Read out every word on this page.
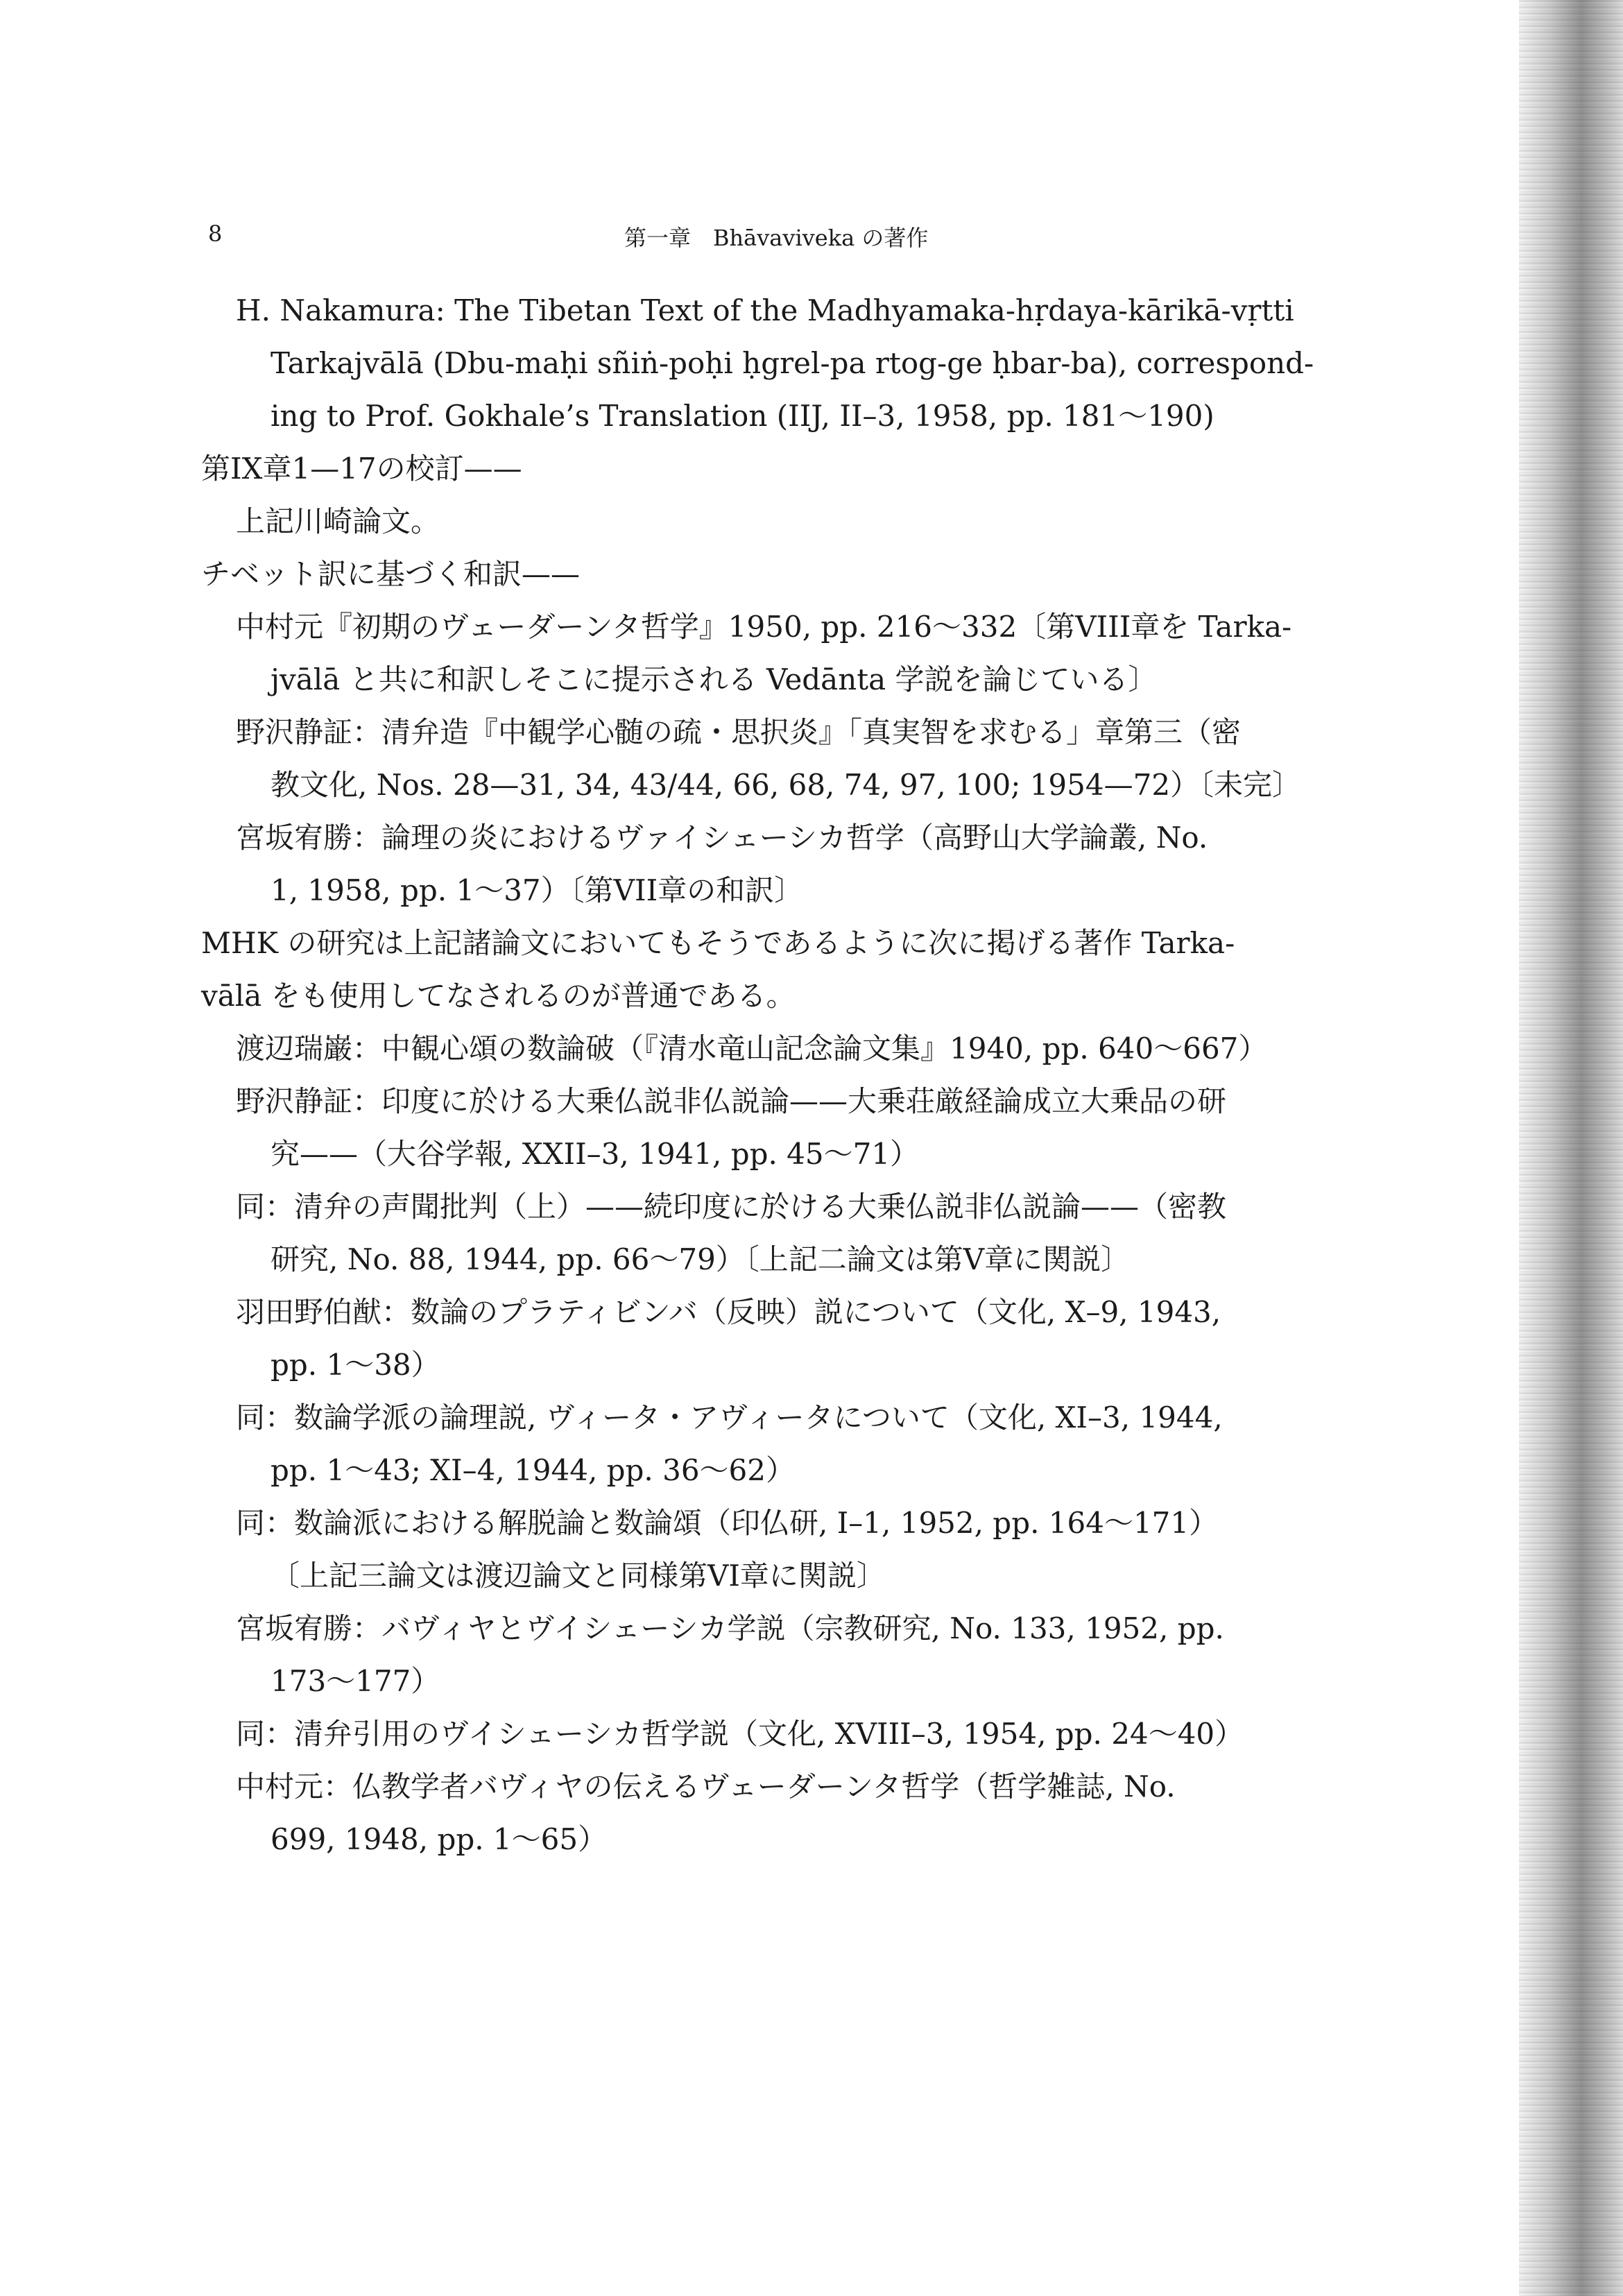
8	第一章　Bhāvaviveka の著作
H. Nakamura: The Tibetan Text of the Madhyamaka-hṛdaya-kārikā-vṛtti
Tarkajvālā (Dbu-maḥi sñiṅ-poḥi ḥgrel-pa rtog-ge ḥbar-ba), correspond-
ing to Prof. Gokhale’s Translation (IIJ, II–3, 1958, pp. 181～190)
第IX章1—17の校訂——
上記川崎論文。
チベット訳に基づく和訳——
中村元『初期のヴェーダーンタ哲学』1950, pp. 216～332〔第VIII章を Tarka-
jvālā と共に和訳しそこに提示される Vedānta 学説を論じている〕
野沢静証：清弁造『中観学心髄の疏・思択炎』「真実智を求むる」章第三（密
教文化, Nos. 28—31, 34, 43/44, 66, 68, 74, 97, 100; 1954—72）〔未完〕
宮坂宥勝：論理の炎におけるヴァイシェーシカ哲学（高野山大学論叢, No.
1, 1958, pp. 1～37）〔第VII章の和訳〕
MHK の研究は上記諸論文においてもそうであるように次に掲げる著作 Tarka-
vālā をも使用してなされるのが普通である。
渡辺瑞巌：中観心頌の数論破（『清水竜山記念論文集』1940, pp. 640～667）
野沢静証：印度に於ける大乗仏説非仏説論——大乗荘厳経論成立大乗品の研
究——（大谷学報, XXII–3, 1941, pp. 45～71）
同：清弁の声聞批判（上）——続印度に於ける大乗仏説非仏説論——（密教
研究, No. 88, 1944, pp. 66～79）〔上記二論文は第V章に関説〕
羽田野伯猷：数論のプラティビンバ（反映）説について（文化, X–9, 1943,
pp. 1～38）
同：数論学派の論理説, ヴィータ・アヴィータについて（文化, XI–3, 1944,
pp. 1～43; XI–4, 1944, pp. 36～62）
同：数論派における解脱論と数論頌（印仏研, I–1, 1952, pp. 164～171）
〔上記三論文は渡辺論文と同様第VI章に関説〕
宮坂宥勝：バヴィヤとヴイシェーシカ学説（宗教研究, No. 133, 1952, pp.
173～177）
同：清弁引用のヴイシェーシカ哲学説（文化, XVIII–3, 1954, pp. 24～40）
中村元：仏教学者バヴィヤの伝えるヴェーダーンタ哲学（哲学雑誌, No.
699, 1948, pp. 1～65）
